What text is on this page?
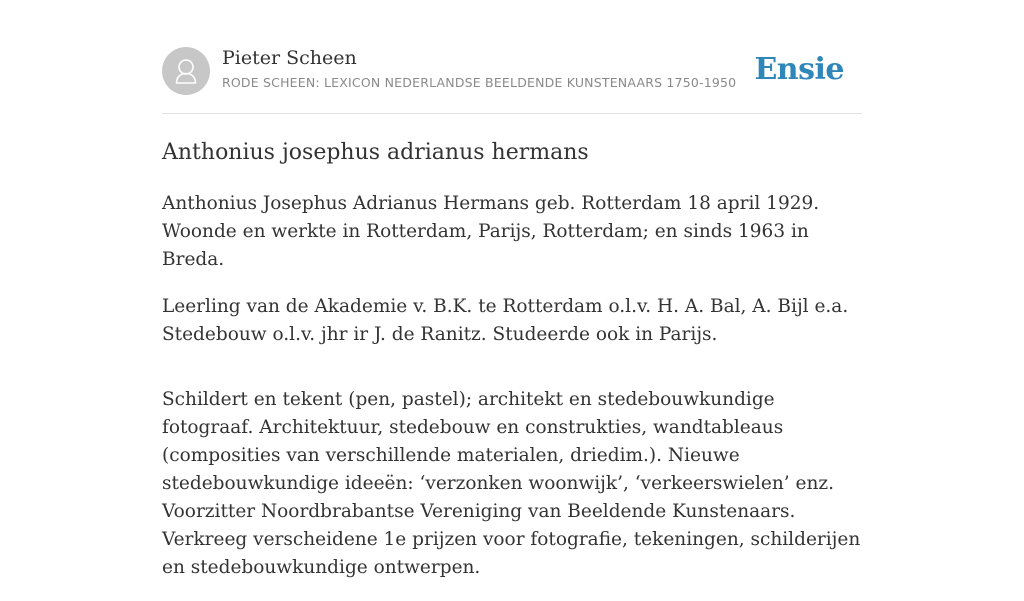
Pieter Scheen
RODE SCHEEN: LEXICON NEDERLANDSE BEELDENDE KUNSTENAARS 1750-1950 Ensie
Anthonius josephus adrianus hermans

Anthonius Josephus Adrianus Hermans geb. Rotterdam 18 april 1929. Woonde en werkte in Rotterdam, Parijs, Rotterdam; en sinds 1963 in Breda.

Leerling van de Akademie v. B.K. te Rotterdam o.l.v. H. A. Bal, A. Bijl e.a. Stedebouw o.l.v. jhr ir J. de Ranitz. Studeerde ook in Parijs.

Schildert en tekent (pen, pastel); architekt en stedebouwkundige fotograaf. Architektuur, stedebouw en construkties, wandtableaus (composities van verschillende materialen, driedim.). Nieuwe stedebouwkundige ideeën: ‘verzonken woonwijk’, ‘verkeerswielen’ enz. Voorzitter Noordbrabantse Vereniging van Beeldende Kunstenaars. Verkreeg verscheidene 1e prijzen voor fotografie, tekeningen, schilderijen en stedebouwkundige ontwerpen.
